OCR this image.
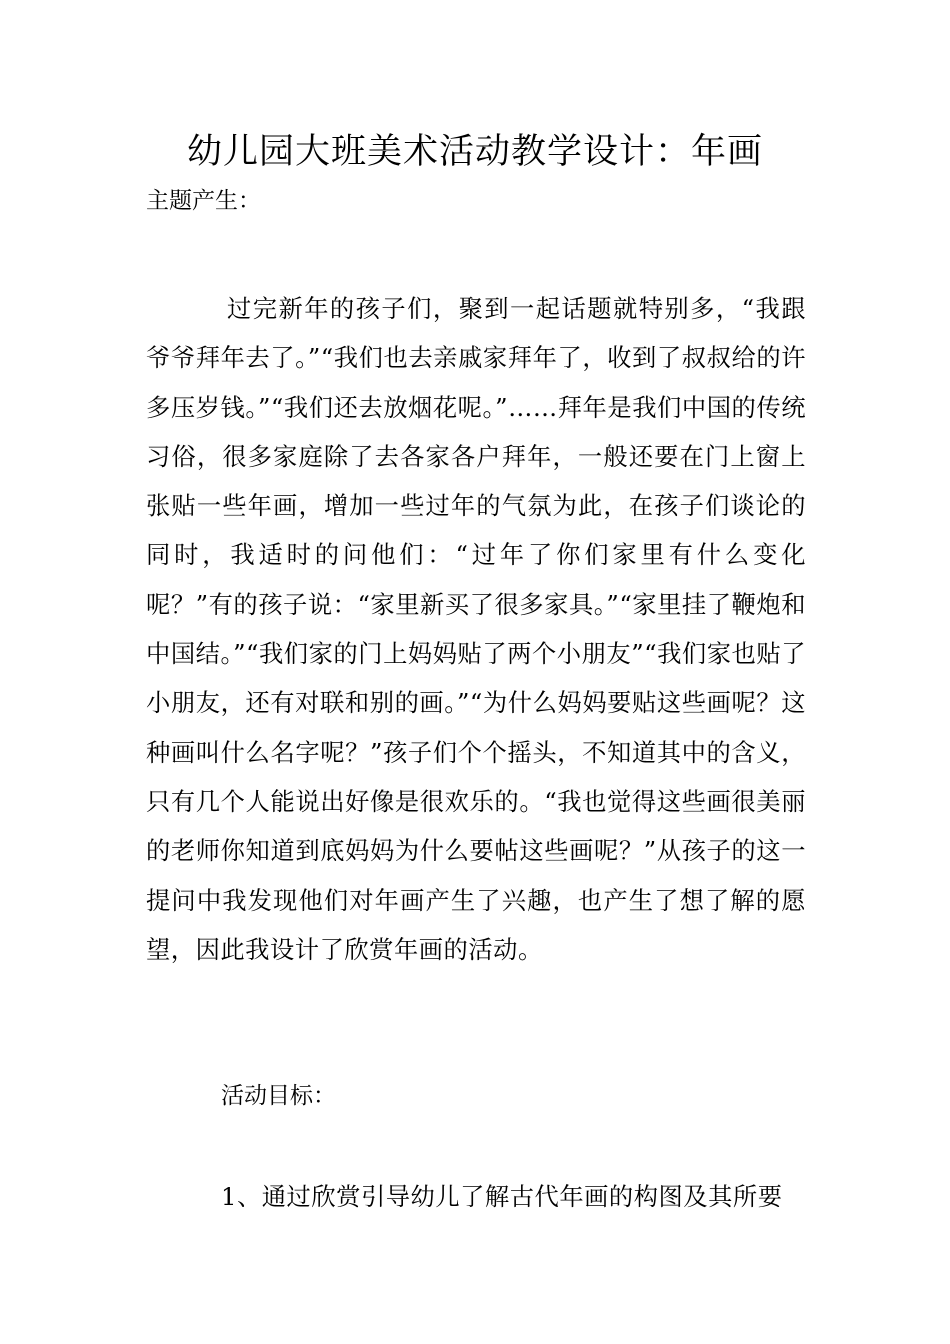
幼儿园大班美术活动教学设计：年画

主题产生：

过完新年的孩子们，聚到一起话题就特别多，“我跟爷爷拜年去了。”“我们也去亲戚家拜年了，收到了叔叔给的许多压岁钱。”“我们还去放烟花呢。”……拜年是我们中国的传统习俗，很多家庭除了去各家各户拜年，一般还要在门上窗上张贴一些年画，增加一些过年的气氛为此，在孩子们谈论的同时，我适时的问他们：“过年了你们家里有什么变化呢？”有的孩子说：“家里新买了很多家具。”“家里挂了鞭炮和中国结。”“我们家的门上妈妈贴了两个小朋友”“我们家也贴了小朋友，还有对联和别的画。”“为什么妈妈要贴这些画呢？这种画叫什么名字呢？”孩子们个个摇头，不知道其中的含义，只有几个人能说出好像是很欢乐的。“我也觉得这些画很美丽的老师你知道到底妈妈为什么要帖这些画呢？”从孩子的这一提问中我发现他们对年画产生了兴趣，也产生了想了解的愿望，因此我设计了欣赏年画的活动。

活动目标：

1、通过欣赏引导幼儿了解古代年画的构图及其所要
